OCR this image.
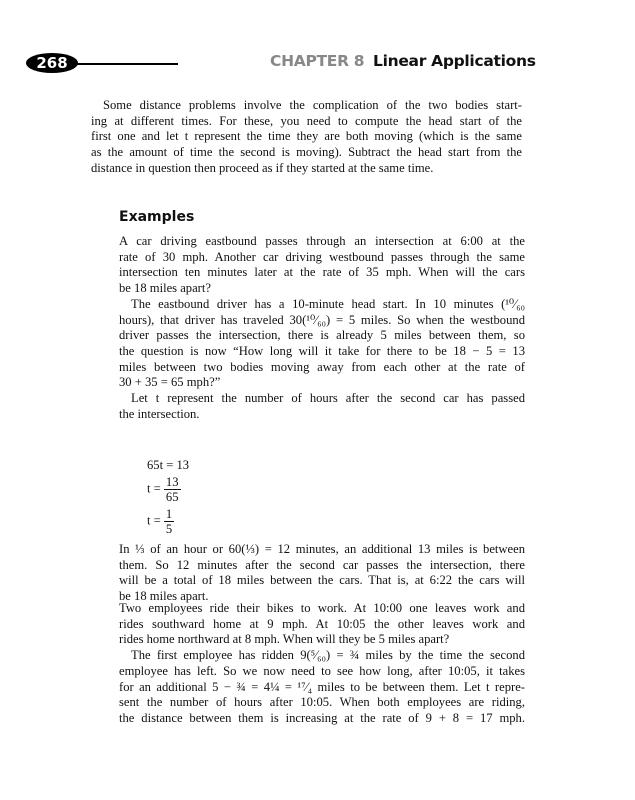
268	CHAPTER 8 Linear Applications
Some distance problems involve the complication of the two bodies start-
ing at different times. For these, you need to compute the head start of the
first one and let t represent the time they are both moving (which is the same
as the amount of time the second is moving). Subtract the head start from the
distance in question then proceed as if they started at the same time.
Examples
A car driving eastbound passes through an intersection at 6:00 at the
rate of 30 mph. Another car driving westbound passes through the same
intersection ten minutes later at the rate of 35 mph. When will the cars
be 18 miles apart?
The eastbound driver has a 10-minute head start. In 10 minutes (¹⁰⁄₆₀
hours), that driver has traveled 30(¹⁰⁄₆₀) = 5 miles. So when the westbound
driver passes the intersection, there is already 5 miles between them, so
the question is now “How long will it take for there to be 18 − 5 = 13
miles between two bodies moving away from each other at the rate of
30 + 35 = 65 mph?”
Let t represent the number of hours after the second car has passed
the intersection.
65t = 13
$t = \frac{13}{65}$
$t = \frac{1}{5}$
In ⅓ of an hour or 60(⅓) = 12 minutes, an additional 13 miles is between
them. So 12 minutes after the second car passes the intersection, there
will be a total of 18 miles between the cars. That is, at 6:22 the cars will
be 18 miles apart.
Two employees ride their bikes to work. At 10:00 one leaves work and
rides southward home at 9 mph. At 10:05 the other leaves work and
rides home northward at 8 mph. When will they be 5 miles apart?
The first employee has ridden 9(⁵⁄₆₀) = ¾ miles by the time the second
employee has left. So we now need to see how long, after 10:05, it takes
for an additional 5 − ¾ = 4¼ = ¹⁷⁄₄ miles to be between them. Let t repre-
sent the number of hours after 10:05. When both employees are riding,
the distance between them is increasing at the rate of 9 + 8 = 17 mph.
